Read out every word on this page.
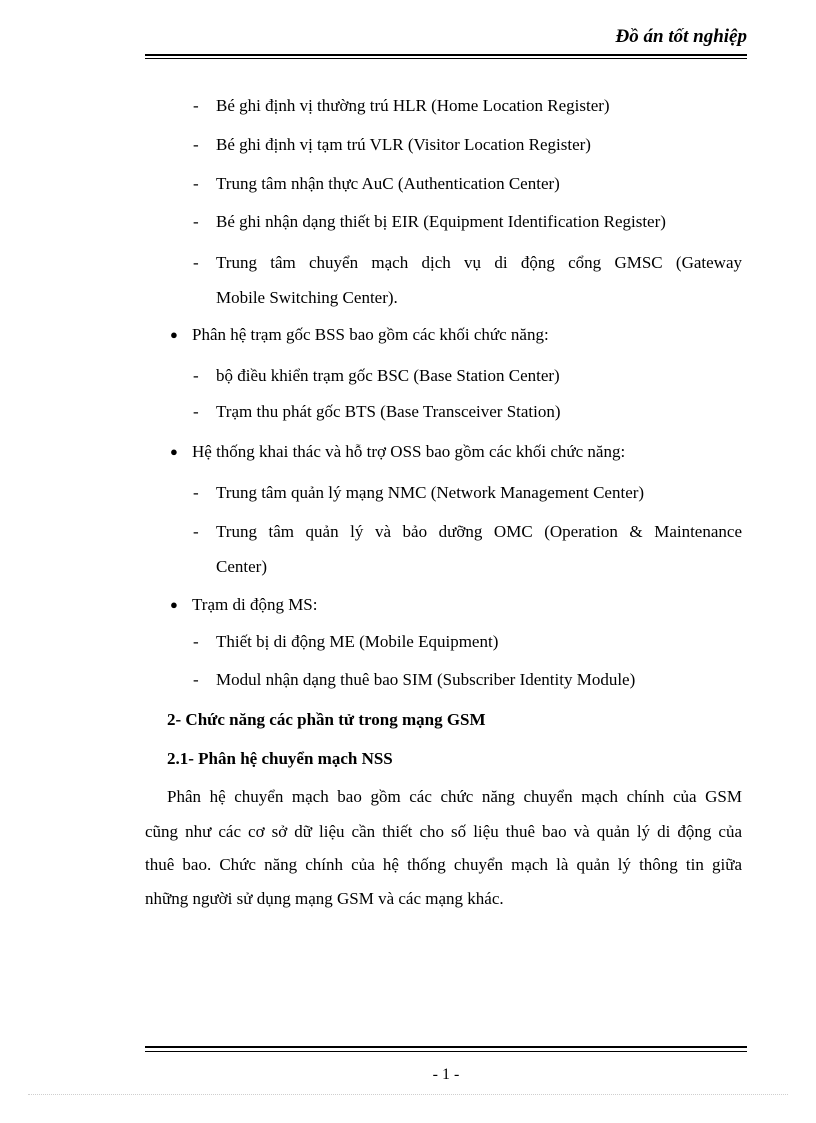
Đồ án tốt nghiệp
- Bé ghi định vị thường trú HLR (Home Location Register)
- Bé ghi định vị tạm trú VLR (Visitor Location Register)
- Trung tâm nhận thực AuC (Authentication Center)
- Bé ghi nhận dạng thiết bị EIR (Equipment Identification Register)
- Trung tâm chuyển mạch dịch vụ di động cổng GMSC (Gateway
Mobile Switching Center).
● Phân hệ trạm gốc BSS bao gồm các khối chức năng:
- bộ điều khiển trạm gốc BSC (Base Station Center)
- Trạm thu phát gốc BTS (Base Transceiver Station)
● Hệ thống khai thác và hỗ trợ OSS bao gồm các khối chức năng:
- Trung tâm quản lý mạng NMC (Network Management Center)
- Trung tâm quản lý và bảo dưỡng OMC (Operation & Maintenance
Center)
● Trạm di động MS:
- Thiết bị di động ME (Mobile Equipment)
- Modul nhận dạng thuê bao SIM (Subscriber Identity Module)
2- Chức năng các phần tử trong mạng GSM
2.1- Phân hệ chuyển mạch NSS
Phân hệ chuyển mạch bao gồm các chức năng chuyển mạch chính của GSM
cũng như các cơ sở dữ liệu cần thiết cho số liệu thuê bao và quản lý di động của
thuê bao. Chức năng chính của hệ thống chuyển mạch là quản lý thông tin giữa
những người sử dụng mạng GSM và các mạng khác.
- 1 -
